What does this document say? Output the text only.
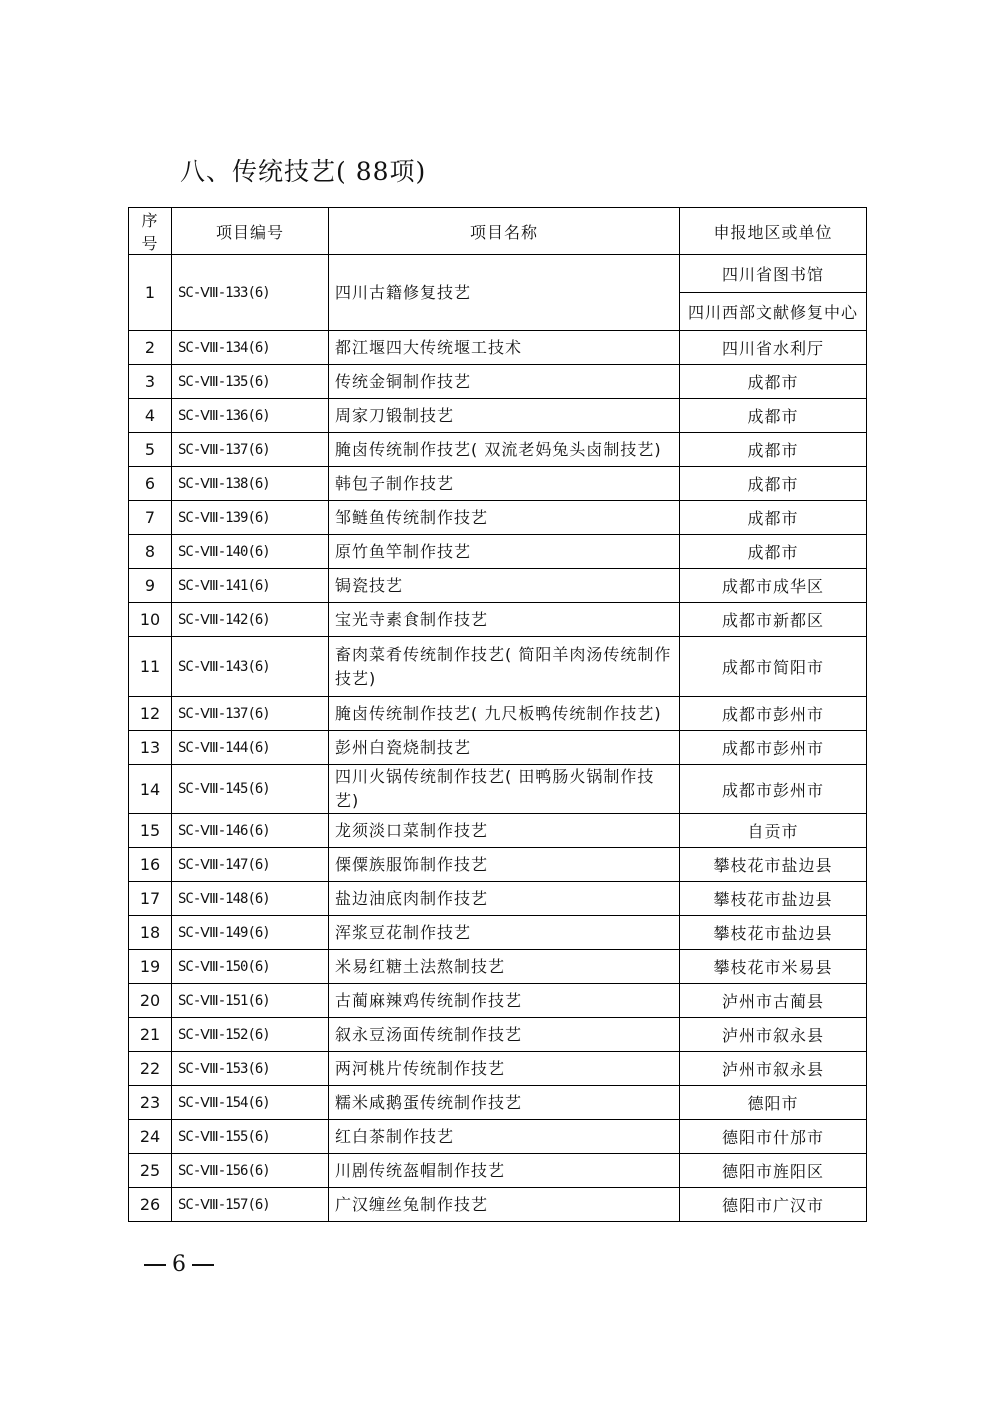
八、传统技艺( 88项)
序号	项目编号	项目名称	申报地区或单位
1	SC-Ⅷ-133(6)	四川古籍修复技艺	四川省图书馆
			四川西部文献修复中心
2	SC-Ⅷ-134(6)	都江堰四大传统堰工技术	四川省水利厅
3	SC-Ⅷ-135(6)	传统金铜制作技艺	成都市
4	SC-Ⅷ-136(6)	周家刀锻制技艺	成都市
5	SC-Ⅷ-137(6)	腌卤传统制作技艺( 双流老妈兔头卤制技艺)	成都市
6	SC-Ⅷ-138(6)	韩包子制作技艺	成都市
7	SC-Ⅷ-139(6)	邹鲢鱼传统制作技艺	成都市
8	SC-Ⅷ-140(6)	原竹鱼竿制作技艺	成都市
9	SC-Ⅷ-141(6)	锔瓷技艺	成都市成华区
10	SC-Ⅷ-142(6)	宝光寺素食制作技艺	成都市新都区
11	SC-Ⅷ-143(6)	畜肉菜肴传统制作技艺( 简阳羊肉汤传统制作技艺)	成都市简阳市
12	SC-Ⅷ-137(6)	腌卤传统制作技艺( 九尺板鸭传统制作技艺)	成都市彭州市
13	SC-Ⅷ-144(6)	彭州白瓷烧制技艺	成都市彭州市
14	SC-Ⅷ-145(6)	四川火锅传统制作技艺( 田鸭肠火锅制作技艺)	成都市彭州市
15	SC-Ⅷ-146(6)	龙须淡口菜制作技艺	自贡市
16	SC-Ⅷ-147(6)	傈僳族服饰制作技艺	攀枝花市盐边县
17	SC-Ⅷ-148(6)	盐边油底肉制作技艺	攀枝花市盐边县
18	SC-Ⅷ-149(6)	浑浆豆花制作技艺	攀枝花市盐边县
19	SC-Ⅷ-150(6)	米易红糖土法熬制技艺	攀枝花市米易县
20	SC-Ⅷ-151(6)	古蔺麻辣鸡传统制作技艺	泸州市古蔺县
21	SC-Ⅷ-152(6)	叙永豆汤面传统制作技艺	泸州市叙永县
22	SC-Ⅷ-153(6)	两河桃片传统制作技艺	泸州市叙永县
23	SC-Ⅷ-154(6)	糯米咸鹅蛋传统制作技艺	德阳市
24	SC-Ⅷ-155(6)	红白茶制作技艺	德阳市什邡市
25	SC-Ⅷ-156(6)	川剧传统盔帽制作技艺	德阳市旌阳区
26	SC-Ⅷ-157(6)	广汉缠丝兔制作技艺	德阳市广汉市
6
